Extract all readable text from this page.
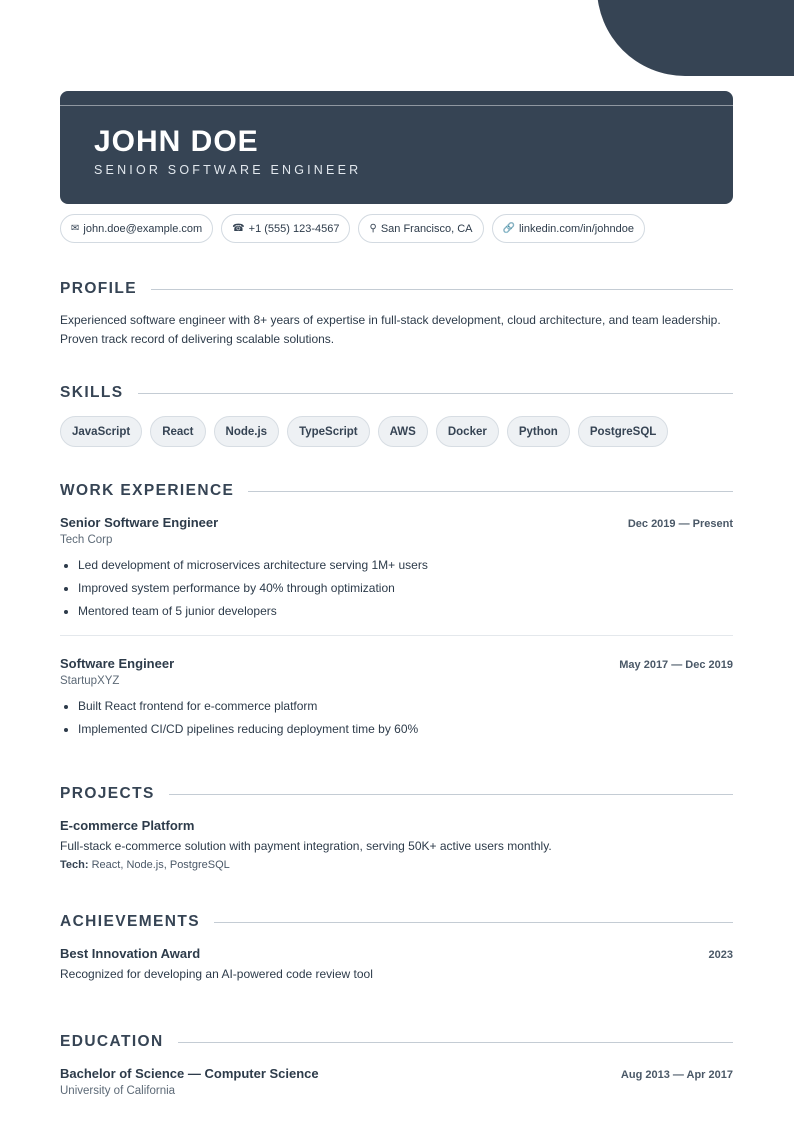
JOHN DOE

SENIOR SOFTWARE ENGINEER

✉ john.doe@example.com	☎ +1 (555) 123-4567	⚲ San Francisco, CA	🔗 linkedin.com/in/johndoe
PROFILE

Experienced software engineer with 8+ years of expertise in full-stack development, cloud architecture, and team leadership. Proven track record of delivering scalable solutions.

SKILLS
JavaScript	React	Node.js	TypeScript	AWS	Docker	Python	PostgreSQL
WORK EXPERIENCE
Senior Software Engineer	Dec 2019 — Present
Tech Corp
• Led development of microservices architecture serving 1M+ users
• Improved system performance by 40% through optimization
• Mentored team of 5 junior developers
Software Engineer	May 2017 — Dec 2019
StartupXYZ
• Built React frontend for e-commerce platform
• Implemented CI/CD pipelines reducing deployment time by 60%
PROJECTS
E-commerce Platform

Full-stack e-commerce solution with payment integration, serving 50K+ active users monthly.

Tech: React, Node.js, PostgreSQL
ACHIEVEMENTS
Best Innovation Award	2023

Recognized for developing an AI-powered code review tool

EDUCATION
Bachelor of Science — Computer Science	Aug 2013 — Apr 2017
University of California
